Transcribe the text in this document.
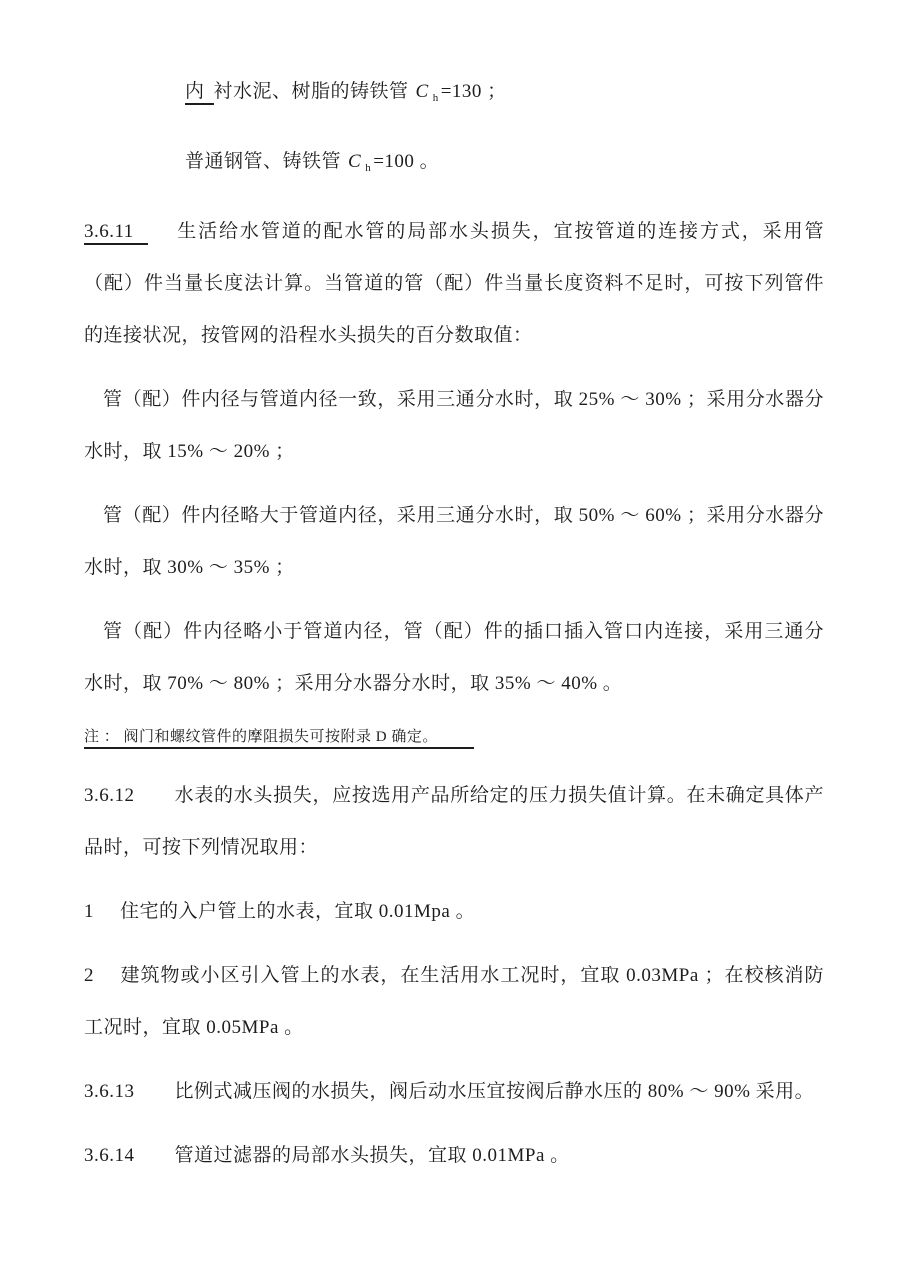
内 衬水泥、树脂的铸铁管 C $_h$ =130 ；

普通钢管、铸铁管 C $_h$ =100 。

3.6.11 生活给水管道的配水管的局部水头损失，宜按管道的连接方式，采用管（配）件当量长度法计算。当管道的管（配）件当量长度资料不足时，可按下列管件的连接状况，按管网的沿程水头损失的百分数取值：

管（配）件内径与管道内径一致，采用三通分水时，取 25% ～ 30% ；采用分水器分水时，取 15% ～ 20% ；

管（配）件内径略大于管道内径，采用三通分水时，取 50% ～ 60% ；采用分水器分水时，取 30% ～ 35% ；

管（配）件内径略小于管道内径，管（配）件的插口插入管口内连接，采用三通分水时，取 70% ～ 80% ；采用分水器分水时，取 35% ～ 40% 。

注 ： 阀门和螺纹管件的摩阻损失可按附录 D 确定。

3.6.12 水表的水头损失，应按选用产品所给定的压力损失值计算。在未确定具体产品时，可按下列情况取用：

1 住宅的入户管上的水表，宜取 0.01Mpa 。

2 建筑物或小区引入管上的水表，在生活用水工况时，宜取 0.03MPa ；在校核消防工况时，宜取 0.05MPa 。

3.6.13 比例式减压阀的水损失，阀后动水压宜按阀后静水压的 80% ～ 90% 采用。

3.6.14 管道过滤器的局部水头损失，宜取 0.01MPa 。
